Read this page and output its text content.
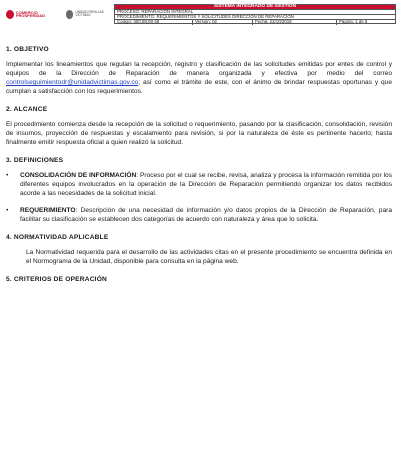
COMERCIO PROSPERIDAD
UNIDAD PARA LAS VICTIMAS
SISTEMA INTEGRADO DE GESTION
PROCESO: REPARACIÓN INTEGRAL
PROCEDIMIENTO: REQUERIMIENTOS Y SOLICITUDES DIRECCIÓN DE REPARACIÓN
Código: 400,08,08-28	Versión: 02	Fecha: 22/10/2018	Página: 1 de 5
1. OBJETIVO

Implementar los lineamientos que regulan la recepción, registro y clasificación de las solicitudes emitidas por entes de control y equipos de la Dirección de Reparación de manera organizada y efectiva por medio del correo controlseguimientodr@unidadvictimas.gov.co; así como el trámite de este, con el ánimo de brindar respuestas oportunas y que cumplan a satisfacción con los requerimientos.

2. ALCANCE

El procedimiento comienza desde la recepción de la solicitud o requerimiento, pasando por la clasificación, consolidación, revisión de insumos, proyección de respuestas y escalamiento para revisión, si por la naturaleza de éste es pertinente hacerlo; hasta finalmente emitir respuesta oficial a quien realizó la solicitud.

3. DEFINICIONES
•	CONSOLIDACIÓN DE INFORMACIÓN: Proceso por el cual se recibe, revisa, analiza y procesa la información remitida por los diferentes equipos involucrados en la operación de la Dirección de Reparación permitiendo organizar los datos recibidos acorde a las necesidades de la solicitud inicial.

•	REQUERIMIENTO: Descripción de una necesidad de información y/o datos propios de la Dirección de Reparación, para facilitar su clasificación se establecen dos categorías de acuerdo con naturaleza y área que lo solicita.

4. NORMATIVIDAD APLICABLE

La Normatividad requerida para el desarrollo de las actividades citas en el presente procedimiento se encuentra definida en el Normograma de la Unidad, disponible para consulta en la página web.

5. CRITERIOS DE OPERACIÓN
